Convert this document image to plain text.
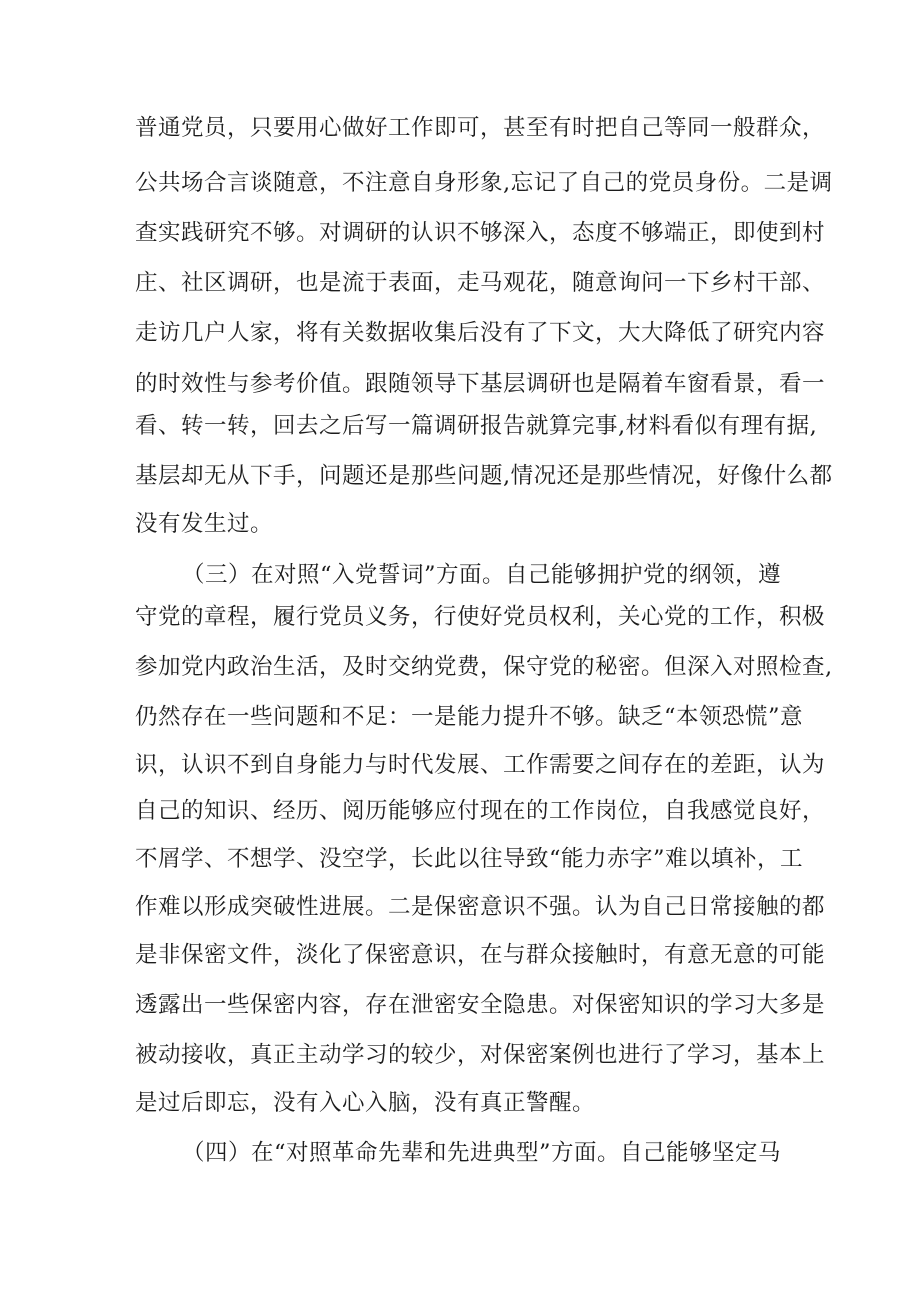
普通党员，只要用心做好工作即可，甚至有时把自己等同一般群众，
公共场合言谈随意，不注意自身形象,忘记了自己的党员身份。二是调
查实践研究不够。对调研的认识不够深入，态度不够端正，即使到村
庄、社区调研，也是流于表面，走马观花，随意询问一下乡村干部、
走访几户人家，将有关数据收集后没有了下文，大大降低了研究内容
的时效性与参考价值。跟随领导下基层调研也是隔着车窗看景，看一
看、转一转，回去之后写一篇调研报告就算完事,材料看似有理有据,
基层却无从下手，问题还是那些问题,情况还是那些情况，好像什么都
没有发生过。
（三）在对照“入党誓词”方面。自己能够拥护党的纲领，遵
守党的章程，履行党员义务，行使好党员权利，关心党的工作，积极
参加党内政治生活，及时交纳党费，保守党的秘密。但深入对照检查,
仍然存在一些问题和不足：一是能力提升不够。缺乏“本领恐慌”意
识，认识不到自身能力与时代发展、工作需要之间存在的差距，认为
自己的知识、经历、阅历能够应付现在的工作岗位，自我感觉良好，
不屑学、不想学、没空学，长此以往导致“能力赤字”难以填补，工
作难以形成突破性进展。二是保密意识不强。认为自己日常接触的都
是非保密文件，淡化了保密意识，在与群众接触时，有意无意的可能
透露出一些保密内容，存在泄密安全隐患。对保密知识的学习大多是
被动接收，真正主动学习的较少，对保密案例也进行了学习，基本上
是过后即忘，没有入心入脑，没有真正警醒。
（四）在“对照革命先辈和先进典型”方面。自己能够坚定马
